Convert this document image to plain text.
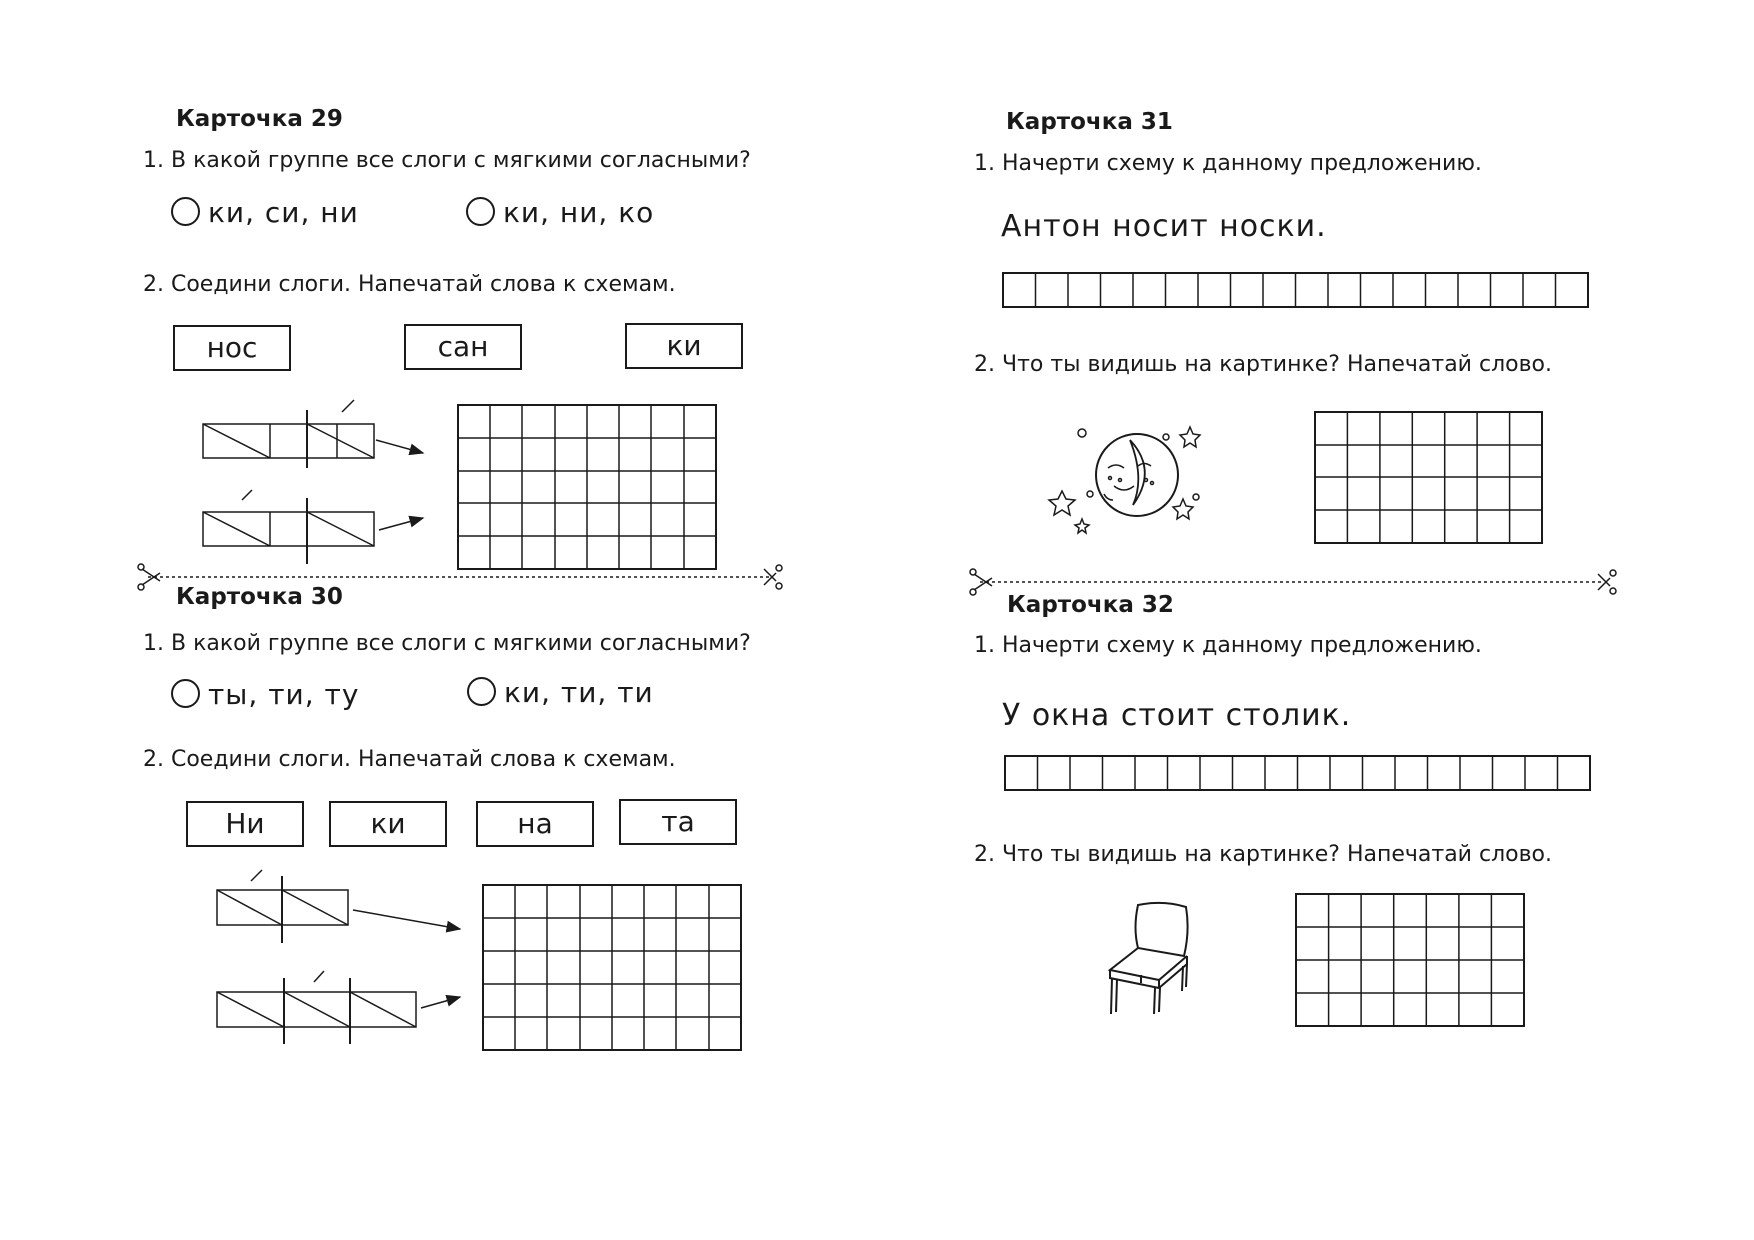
Карточка 29
1. В какой группе все слоги с мягкими согласными?
ки, си, ни	ки, ни, ко
2. Соедини слоги. Напечатай слова к схемам.
нос	сан	ки
Карточка 30
1. В какой группе все слоги с мягкими согласными?
ты, ти, ту	ки, ти, ти
2. Соедини слоги. Напечатай слова к схемам.
Ни	ки	на	та
Карточка 31
1. Начерти схему к данному предложению.
Антон носит носки.
2. Что ты видишь на картинке? Напечатай слово.
Карточка 32
1. Начерти схему к данному предложению.
У окна стоит столик.
2. Что ты видишь на картинке? Напечатай слово.
